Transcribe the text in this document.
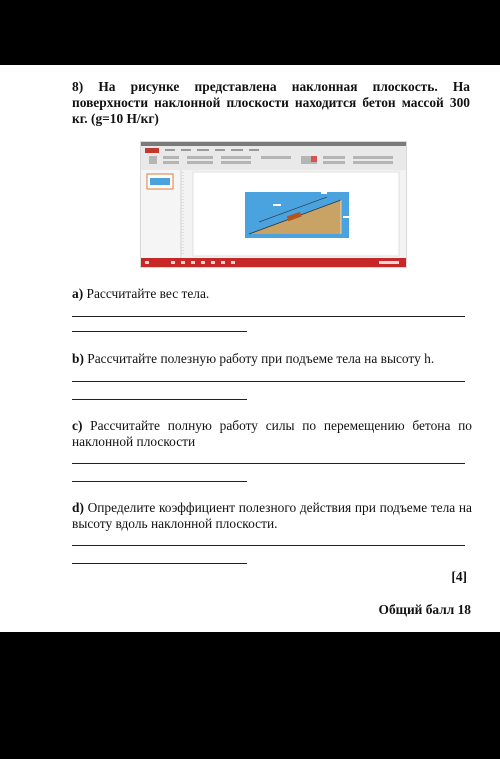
8) На рисунке представлена наклонная плоскость. На поверхности наклонной плоскости находится бетон массой 300 кг. (g=10 Н/кг)

a) Рассчитайте вес тела.

b) Рассчитайте полезную работу при подъеме тела на высоту h.

c) Рассчитайте полную работу силы по перемещению бетона по наклонной плоскости

d) Определите коэффициент полезного действия при подъеме тела на высоту вдоль наклонной плоскости.

[4]
Общий балл 18
